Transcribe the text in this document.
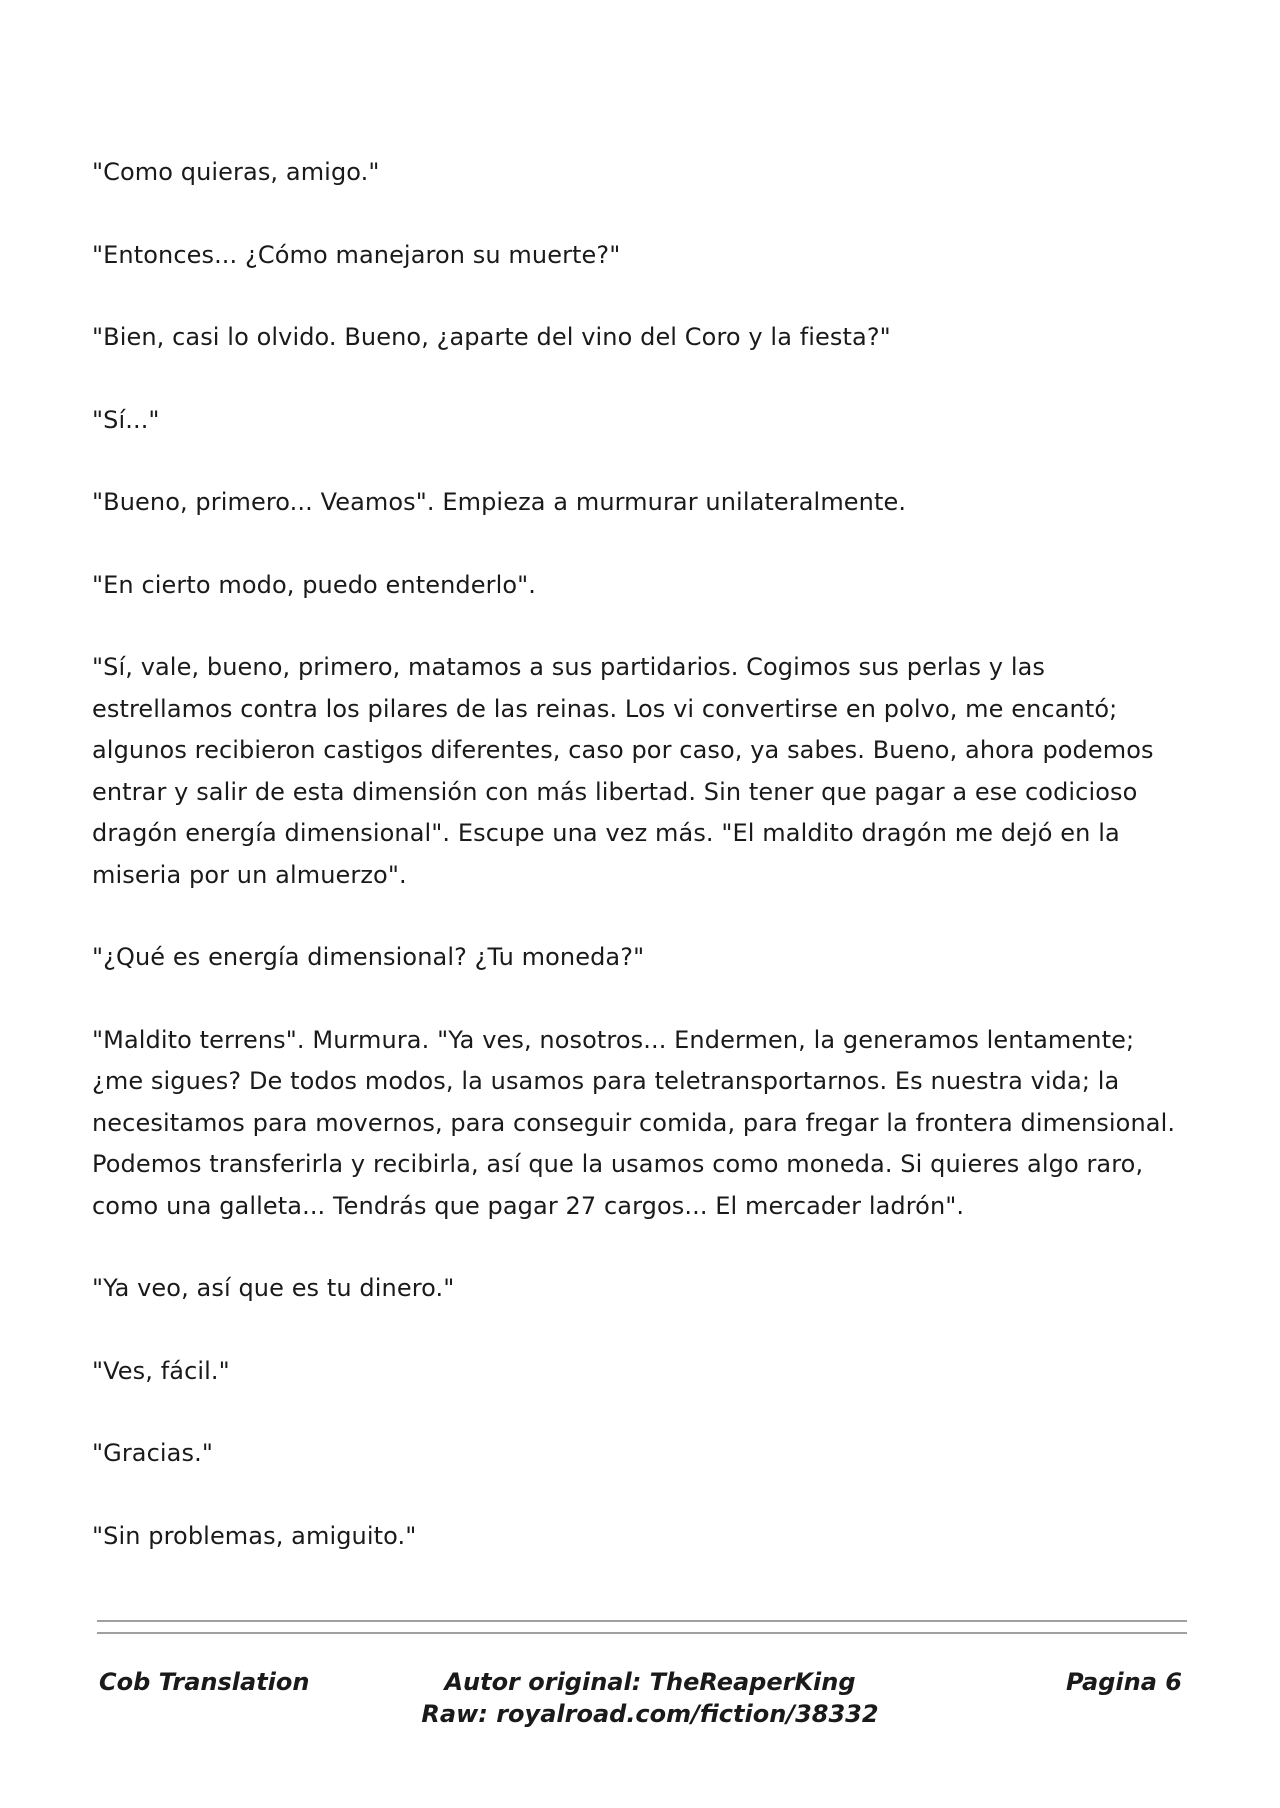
"Como quieras, amigo."

"Entonces... ¿Cómo manejaron su muerte?"

"Bien, casi lo olvido. Bueno, ¿aparte del vino del Coro y la fiesta?"

"Sí..."

"Bueno, primero... Veamos". Empieza a murmurar unilateralmente.

"En cierto modo, puedo entenderlo".

"Sí, vale, bueno, primero, matamos a sus partidarios. Cogimos sus perlas y las estrellamos contra los pilares de las reinas. Los vi convertirse en polvo, me encantó; algunos recibieron castigos diferentes, caso por caso, ya sabes. Bueno, ahora podemos entrar y salir de esta dimensión con más libertad. Sin tener que pagar a ese codicioso dragón energía dimensional". Escupe una vez más. "El maldito dragón me dejó en la miseria por un almuerzo".

"¿Qué es energía dimensional? ¿Tu moneda?"

"Maldito terrens". Murmura. "Ya ves, nosotros... Endermen, la generamos lentamente; ¿me sigues? De todos modos, la usamos para teletransportarnos. Es nuestra vida; la necesitamos para movernos, para conseguir comida, para fregar la frontera dimensional. Podemos transferirla y recibirla, así que la usamos como moneda. Si quieres algo raro, como una galleta... Tendrás que pagar 27 cargos... El mercader ladrón".

"Ya veo, así que es tu dinero."

"Ves, fácil."

"Gracias."

"Sin problemas, amiguito."

Cob Translation	Autor original: TheReaperKing
Raw: royalroad.com/fiction/38332
Pagina 6
